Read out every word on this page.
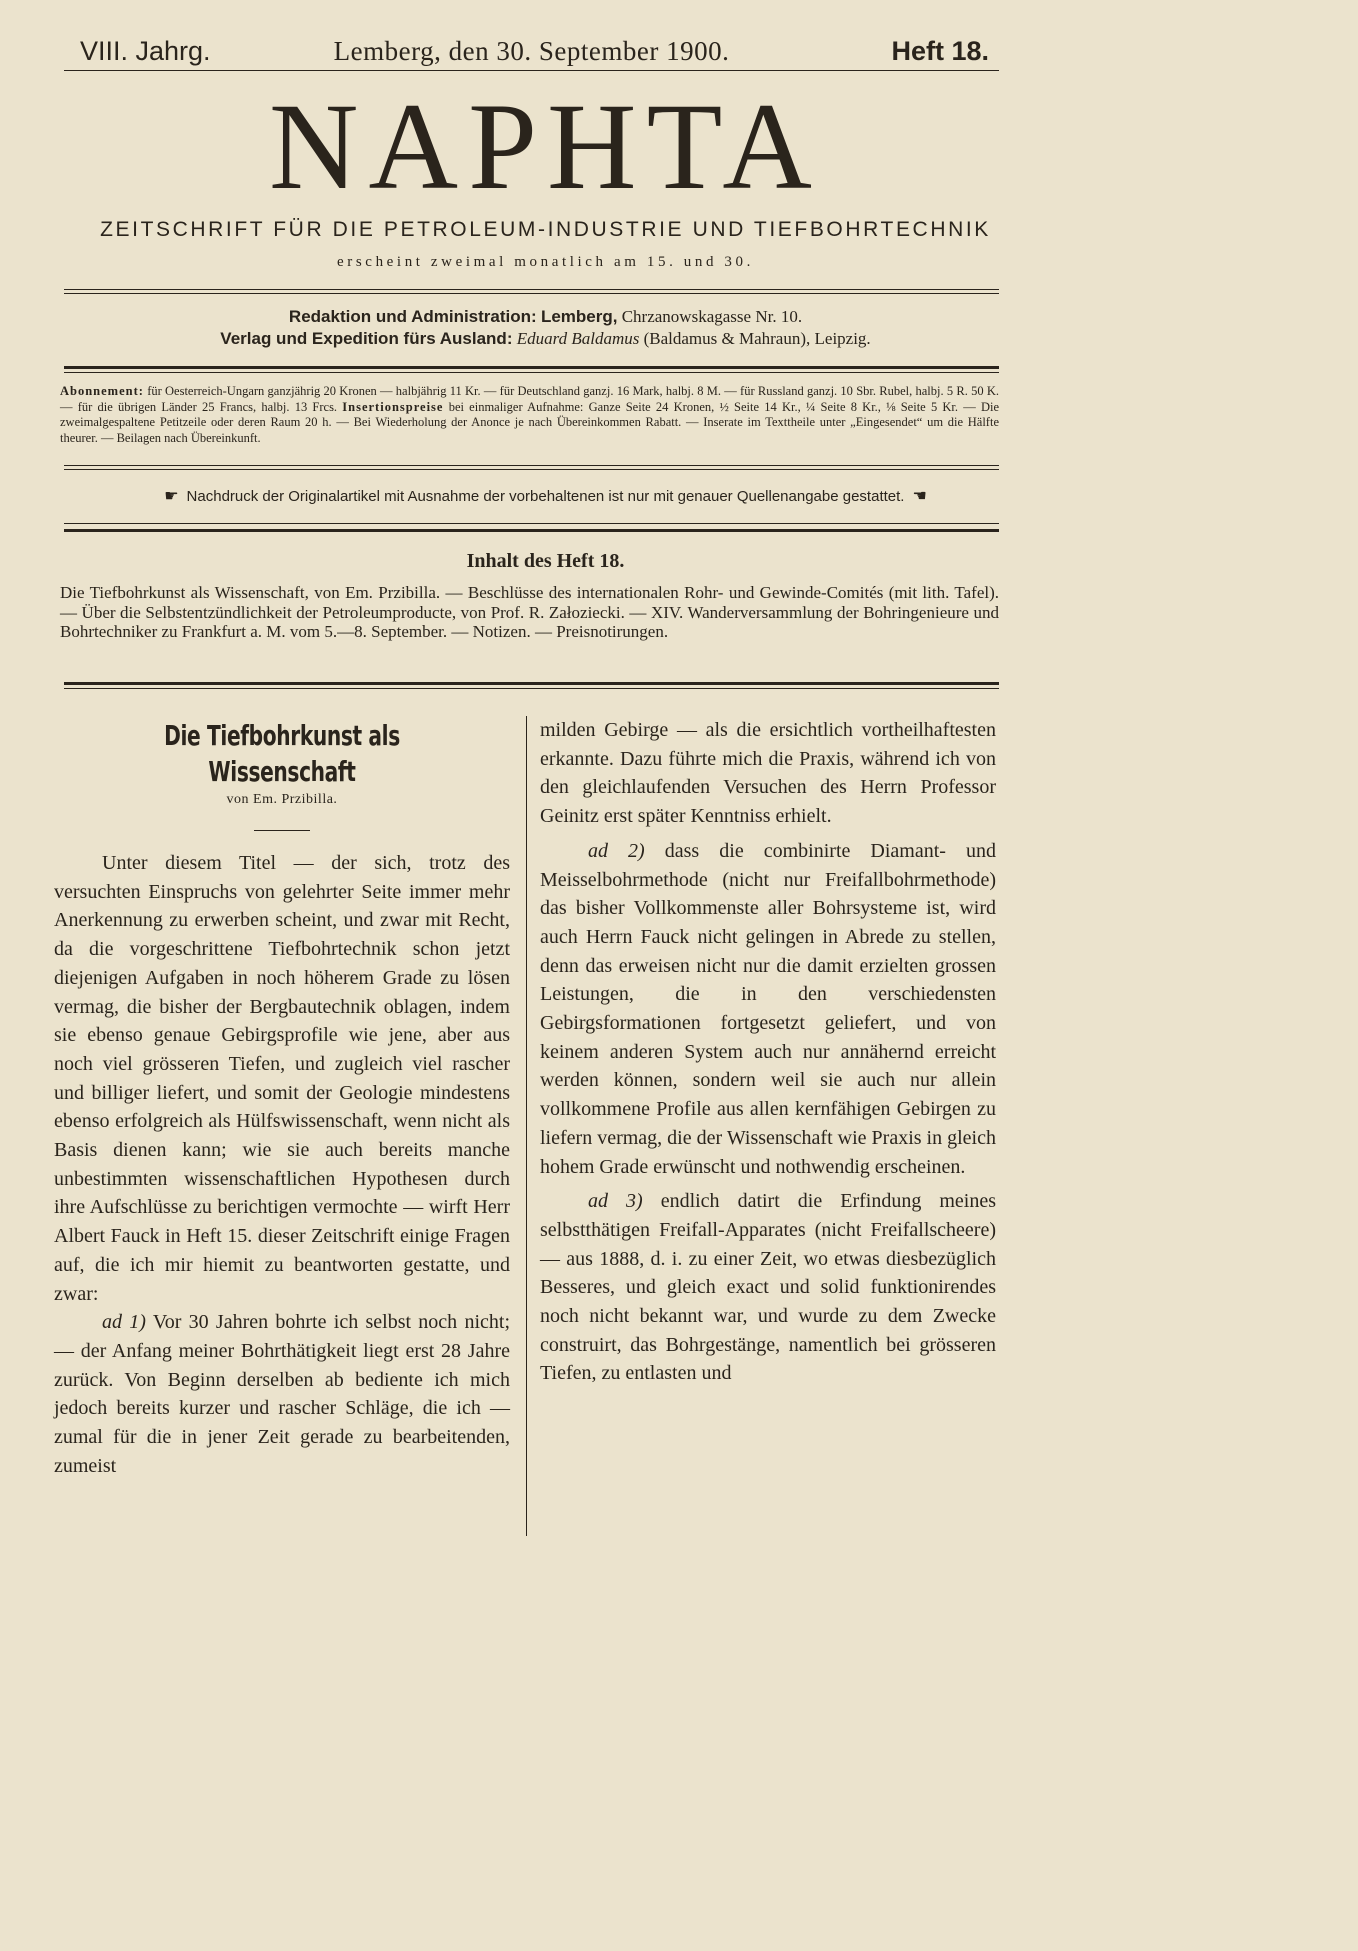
VIII. Jahrg.	Lemberg, den 30. September 1900.	Heft 18.
NAPHTA
ZEITSCHRIFT FÜR DIE PETROLEUM-INDUSTRIE UND TIEFBOHRTECHNIK
erscheint zweimal monatlich am 15. und 30.
Redaktion und Administration: Lemberg, Chrzanowskagasse Nr. 10.
Verlag und Expedition fürs Ausland: Eduard Baldamus (Baldamus & Mahraun), Leipzig.
Abonnement: für Oesterreich-Ungarn ganzjährig 20 Kronen — halbjährig 11 Kr. — für Deutschland ganzj. 16 Mark, halbj. 8 M. — für Russland ganzj. 10 Sbr. Rubel, halbj. 5 R. 50 K. — für die übrigen Länder 25 Francs, halbj. 13 Frcs. Insertionspreise bei einmaliger Aufnahme: Ganze Seite 24 Kronen, ½ Seite 14 Kr., ¼ Seite 8 Kr., ⅛ Seite 5 Kr. — Die zweimalgespaltene Petitzeile oder deren Raum 20 h. — Bei Wiederholung der Anonce je nach Übereinkommen Rabatt. — Inserate im Texttheile unter „Eingesendet“ um die Hälfte theurer. — Beilagen nach Übereinkunft.
☛ Nachdruck der Originalartikel mit Ausnahme der vorbehaltenen ist nur mit genauer Quellenangabe gestattet. ☚
Inhalt des Heft 18.
Die Tiefbohrkunst als Wissenschaft, von Em. Przibilla. — Beschlüsse des internationalen Rohr- und Gewinde-Comités (mit lith. Tafel). — Über die Selbstentzündlichkeit der Petroleumproducte, von Prof. R. Załoziecki. — XIV. Wanderversammlung der Bohringenieure und Bohrtechniker zu Frankfurt a. M. vom 5.—8. September. — Notizen. — Preisnotirungen.
Die Tiefbohrkunst als Wissenschaft
von Em. Przibilla.

Unter diesem Titel — der sich, trotz des versuchten Einspruchs von gelehrter Seite immer mehr Anerkennung zu erwerben scheint, und zwar mit Recht, da die vorgeschrittene Tiefbohrtechnik schon jetzt diejenigen Aufgaben in noch höherem Grade zu lösen vermag, die bisher der Bergbautechnik oblagen, indem sie ebenso genaue Gebirgsprofile wie jene, aber aus noch viel grösseren Tiefen, und zugleich viel rascher und billiger liefert, und somit der Geologie mindestens ebenso erfolgreich als Hülfswissenschaft, wenn nicht als Basis dienen kann; wie sie auch bereits manche unbestimmten wissenschaftlichen Hypothesen durch ihre Aufschlüsse zu berichtigen vermochte — wirft Herr Albert Fauck in Heft 15. dieser Zeitschrift einige Fragen auf, die ich mir hiemit zu beantworten gestatte, und zwar:

ad 1) Vor 30 Jahren bohrte ich selbst noch nicht; — der Anfang meiner Bohrthätigkeit liegt erst 28 Jahre zurück. Von Beginn derselben ab bediente ich mich jedoch bereits kurzer und rascher Schläge, die ich — zumal für die in jener Zeit gerade zu bearbeitenden, zumeist

milden Gebirge — als die ersichtlich vortheilhaftesten erkannte. Dazu führte mich die Praxis, während ich von den gleichlaufenden Versuchen des Herrn Professor Geinitz erst später Kenntniss erhielt.

ad 2) dass die combinirte Diamant- und Meisselbohrmethode (nicht nur Freifallbohrmethode) das bisher Vollkommenste aller Bohrsysteme ist, wird auch Herrn Fauck nicht gelingen in Abrede zu stellen, denn das erweisen nicht nur die damit erzielten grossen Leistungen, die in den verschiedensten Gebirgsformationen fortgesetzt geliefert, und von keinem anderen System auch nur annähernd erreicht werden können, sondern weil sie auch nur allein vollkommene Profile aus allen kernfähigen Gebirgen zu liefern vermag, die der Wissenschaft wie Praxis in gleich hohem Grade erwünscht und nothwendig erscheinen.

ad 3) endlich datirt die Erfindung meines selbstthätigen Freifall-Apparates (nicht Freifallscheere) — aus 1888, d. i. zu einer Zeit, wo etwas diesbezüglich Besseres, und gleich exact und solid funktionirendes noch nicht bekannt war, und wurde zu dem Zwecke construirt, das Bohrgestänge, namentlich bei grösseren Tiefen, zu entlasten und
